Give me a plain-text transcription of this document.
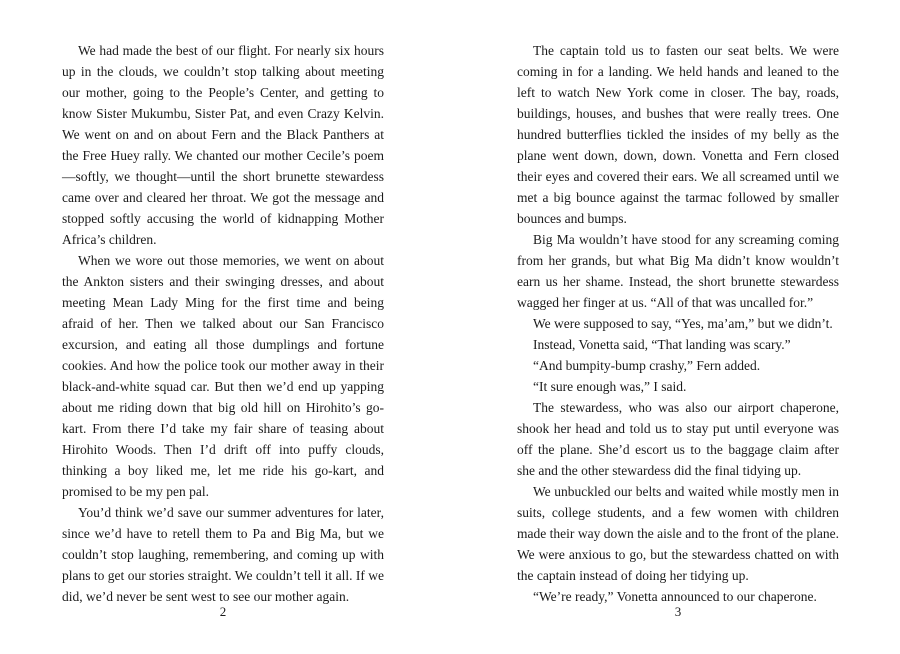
We had made the best of our flight. For nearly six hours up in the clouds, we couldn’t stop talking about meeting our mother, going to the People’s Center, and getting to know Sister Mukumbu, Sister Pat, and even Crazy Kelvin. We went on and on about Fern and the Black Panthers at the Free Huey rally. We chanted our mother Cecile’s poem—softly, we thought—until the short brunette stewardess came over and cleared her throat. We got the message and stopped softly accusing the world of kidnapping Mother Africa’s children.

When we wore out those memories, we went on about the Ankton sisters and their swinging dresses, and about meeting Mean Lady Ming for the first time and being afraid of her. Then we talked about our San Francisco excursion, and eating all those dumplings and fortune cookies. And how the police took our mother away in their black-and-white squad car. But then we’d end up yapping about me riding down that big old hill on Hirohito’s go-kart. From there I’d take my fair share of teasing about Hirohito Woods. Then I’d drift off into puffy clouds, thinking a boy liked me, let me ride his go-kart, and promised to be my pen pal.

You’d think we’d save our summer adventures for later, since we’d have to retell them to Pa and Big Ma, but we couldn’t stop laughing, remembering, and coming up with plans to get our stories straight. We couldn’t tell it all. If we did, we’d never be sent west to see our mother again.

2

The captain told us to fasten our seat belts. We were coming in for a landing. We held hands and leaned to the left to watch New York come in closer. The bay, roads, buildings, houses, and bushes that were really trees. One hundred butterflies tickled the insides of my belly as the plane went down, down, down. Vonetta and Fern closed their eyes and covered their ears. We all screamed until we met a big bounce against the tarmac followed by smaller bounces and bumps.

Big Ma wouldn’t have stood for any screaming coming from her grands, but what Big Ma didn’t know wouldn’t earn us her shame. Instead, the short brunette stewardess wagged her finger at us. “All of that was uncalled for.”

We were supposed to say, “Yes, ma’am,” but we didn’t.

Instead, Vonetta said, “That landing was scary.”

“And bumpity-bump crashy,” Fern added.

“It sure enough was,” I said.

The stewardess, who was also our airport chaperone, shook her head and told us to stay put until everyone was off the plane. She’d escort us to the baggage claim after she and the other stewardess did the final tidying up.

We unbuckled our belts and waited while mostly men in suits, college students, and a few women with children made their way down the aisle and to the front of the plane. We were anxious to go, but the stewardess chatted on with the captain instead of doing her tidying up.

“We’re ready,” Vonetta announced to our chaperone.

3
